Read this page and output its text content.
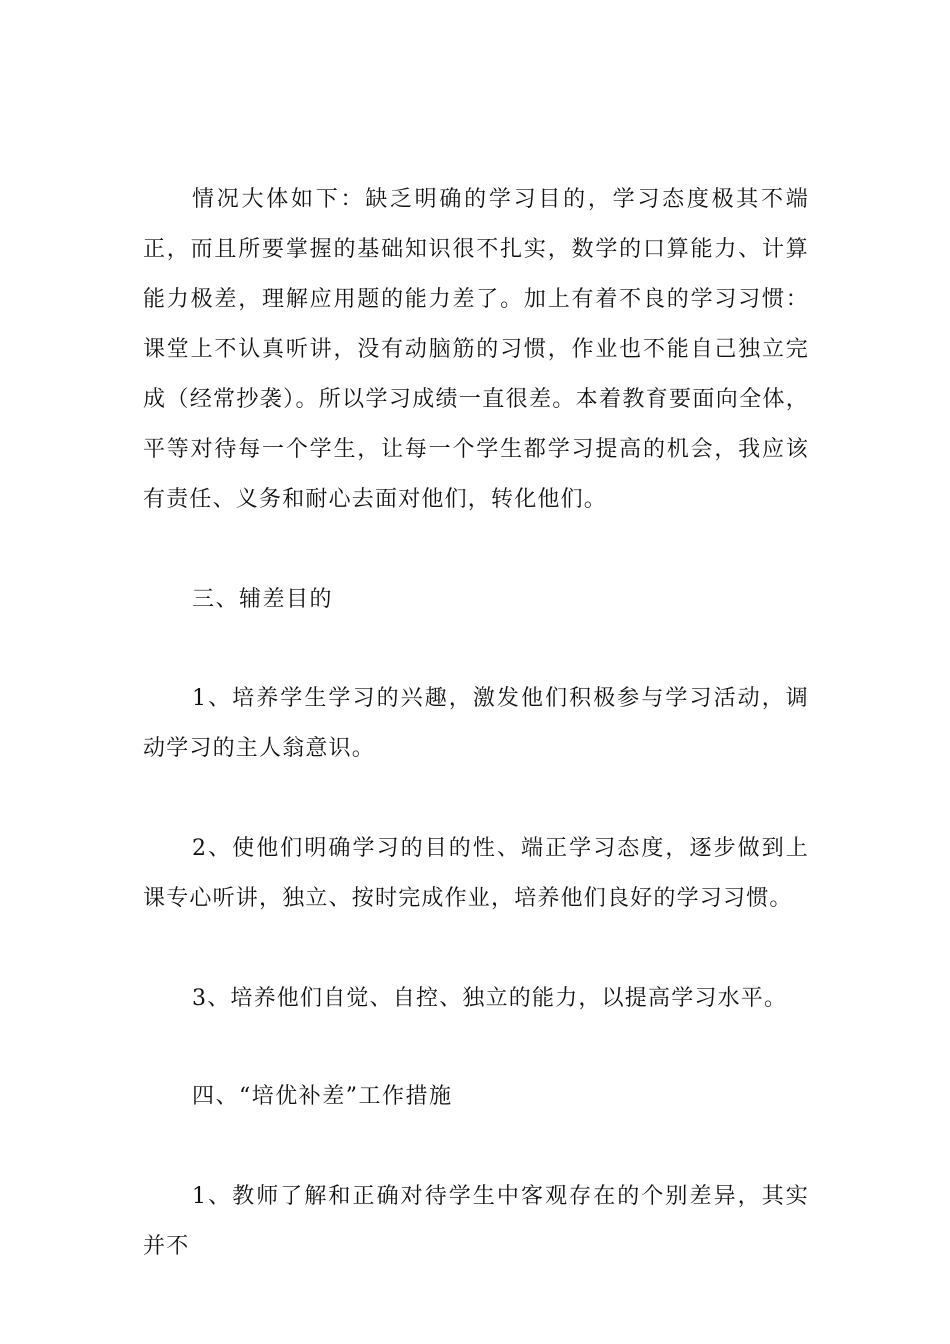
情况大体如下：缺乏明确的学习目的，学习态度极其不端正，而且所要掌握的基础知识很不扎实，数学的口算能力、计算能力极差，理解应用题的能力差了。加上有着不良的学习习惯：课堂上不认真听讲，没有动脑筋的习惯，作业也不能自己独立完成（经常抄袭）。所以学习成绩一直很差。本着教育要面向全体，平等对待每一个学生，让每一个学生都学习提高的机会，我应该有责任、义务和耐心去面对他们，转化他们。

三、辅差目的

1、培养学生学习的兴趣，激发他们积极参与学习活动，调动学习的主人翁意识。

2、使他们明确学习的目的性、端正学习态度，逐步做到上课专心听讲，独立、按时完成作业，培养他们良好的学习习惯。

3、培养他们自觉、自控、独立的能力，以提高学习水平。

四、“培优补差”工作措施

1、教师了解和正确对待学生中客观存在的个别差异，其实并不
